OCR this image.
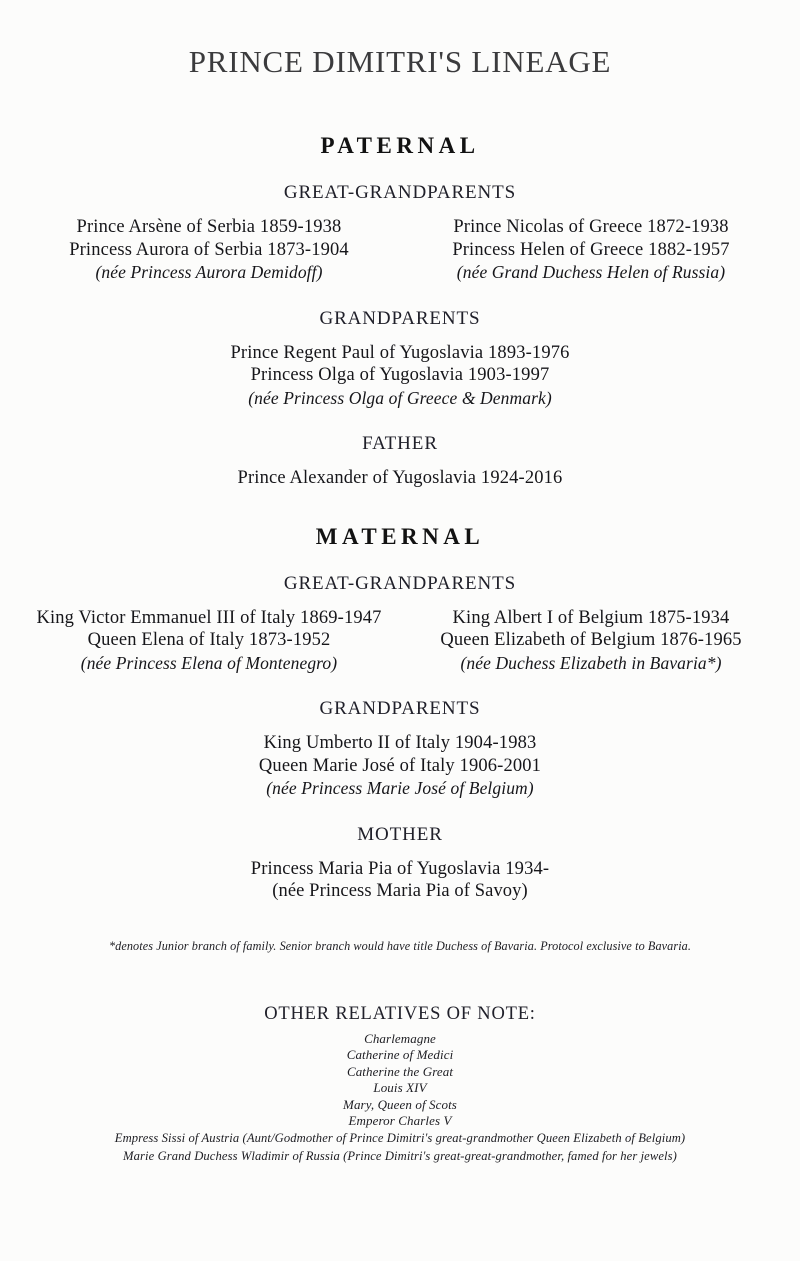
PRINCE DIMITRI'S LINEAGE
PATERNAL
GREAT-GRANDPARENTS
Prince Arsène of Serbia 1859-1938
Princess Aurora of Serbia 1873-1904
(née Princess Aurora Demidoff)
Prince Nicolas of Greece 1872-1938
Princess Helen of Greece 1882-1957
(née Grand Duchess Helen of Russia)
GRANDPARENTS
Prince Regent Paul of Yugoslavia 1893-1976
Princess Olga of Yugoslavia 1903-1997
(née Princess Olga of Greece & Denmark)
FATHER
Prince Alexander of Yugoslavia 1924-2016
MATERNAL
GREAT-GRANDPARENTS
King Victor Emmanuel III of Italy 1869-1947
Queen Elena of Italy 1873-1952
(née Princess Elena of Montenegro)
King Albert I of Belgium 1875-1934
Queen Elizabeth of Belgium 1876-1965
(née Duchess Elizabeth in Bavaria*)
GRANDPARENTS
King Umberto II of Italy 1904-1983
Queen Marie José of Italy 1906-2001
(née Princess Marie José of Belgium)
MOTHER
Princess Maria Pia of Yugoslavia 1934-
(née Princess Maria Pia of Savoy)
*denotes Junior branch of family. Senior branch would have title Duchess of Bavaria. Protocol exclusive to Bavaria.
OTHER RELATIVES OF NOTE:
Charlemagne
Catherine of Medici
Catherine the Great
Louis XIV
Mary, Queen of Scots
Emperor Charles V
Empress Sissi of Austria (Aunt/Godmother of Prince Dimitri's great-grandmother Queen Elizabeth of Belgium)
Marie Grand Duchess Wladimir of Russia (Prince Dimitri's great-great-grandmother, famed for her jewels)
